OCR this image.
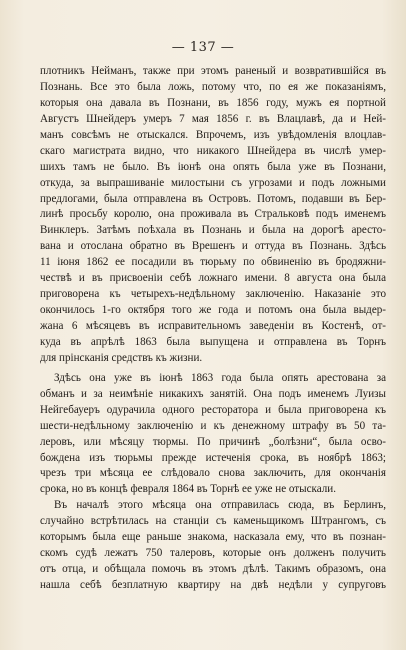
— 137 —
плотникъ Нейманъ, также при этомъ раненый и возвратившійся въ
Познань. Все это была ложь, потому что, по ея же показаніямъ,
которыя она давала въ Познани, въ 1856 году, мужъ ея портной
Августъ Шнейдеръ умеръ 7 мая 1856 г. въ Влацлавѣ, да и Ней-
манъ совсѣмъ не отыскался. Впрочемъ, изъ увѣдомленія влоцлав-
скаго магистрата видно, что никакого Шнейдера въ числѣ умер-
шихъ тамъ не было. Въ іюнѣ она опять была уже въ Познани,
откуда, за выпрашиваніе милостыни съ угрозами и подъ ложными
предлогами, была отправлена въ Островъ. Потомъ, подавши въ Бер-
линѣ просьбу королю, она проживала въ Стральковѣ подъ именемъ
Винклеръ. Затѣмъ поѣхала въ Познань и была на дорогѣ аресто-
вана и отослана обратно въ Врешенъ и оттуда въ Познань. Здѣсь
11 іюня 1862 ее посадили въ тюрьму по обвиненію въ бродяжни-
чествѣ и въ присвоеніи себѣ ложнаго имени. 8 августа она была
приговорена къ четырехъ-недѣльному заключенію. Наказаніе это
окончилось 1-го октября того же года и потомъ она была выдер-
жана 6 мѣсяцевъ въ исправительномъ заведеніи въ Костенѣ, от-
куда въ апрѣлѣ 1863 была выпущена и отправлена въ Торнъ
для прінсканія средствъ къ жизни.
Здѣсь она уже въ іюнѣ 1863 года была опять арестована за
обманъ и за неимѣніе никакихъ занятій. Она подъ именемъ Луизы
Нейгебауеръ одурачила одного ресторатора и была приговорена къ
шести-недѣльному заключенію и къ денежному штрафу въ 50 та-
леровъ, или мѣсяцу тюрмы. По причинѣ „болѣзни“, была осво-
бождена изъ тюрьмы прежде истеченія срока, въ ноябрѣ 1863;
чрезъ три мѣсяца ее слѣдовало снова заключить, для окончанія
срока, но въ концѣ февраля 1864 въ Торнѣ ее уже не отыскали.
Въ началѣ этого мѣсяца она отправилась сюда, въ Берлинъ,
случайно встрѣтилась на станціи съ каменьщикомъ Штрангомъ, съ
которымъ была еще раньше знакома, насказала ему, что въ познан-
скомъ судѣ лежатъ 750 талеровъ, которые онъ долженъ получить
отъ отца, и обѣщала помочь въ этомъ дѣлѣ. Такимъ образомъ, она
нашла себѣ безплатную квартиру на двѣ недѣли у супруговъ
